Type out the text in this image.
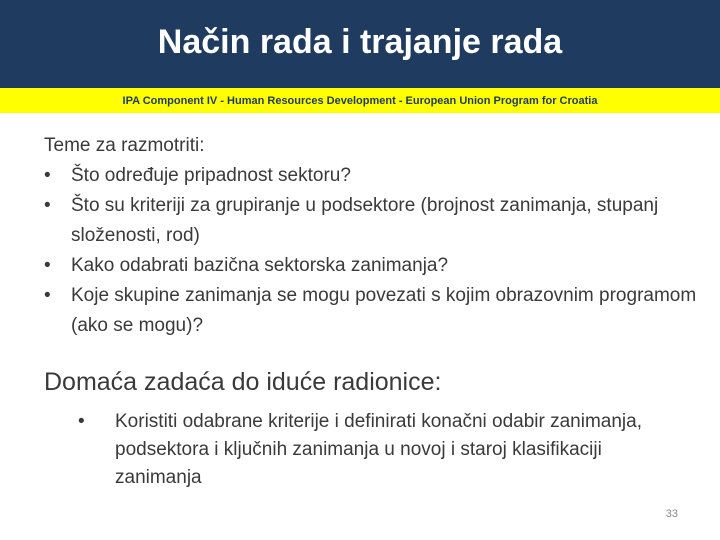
Način rada i trajanje rada
IPA Component IV - Human Resources Development - European Union Program for Croatia

Teme za razmotriti:

• Što određuje pripadnost sektoru?
• Što su kriteriji za grupiranje u podsektore (brojnost zanimanja, stupanj složenosti, rod)
• Kako odabrati bazična sektorska zanimanja?
• Koje skupine zanimanja se mogu povezati s kojim obrazovnim programom (ako se mogu)?
Domaća zadaća do iduće radionice:
•	Koristiti odabrane kriterije i definirati konačni odabir zanimanja, podsektora i ključnih zanimanja u novoj i staroj klasifikaciji zanimanja
33
